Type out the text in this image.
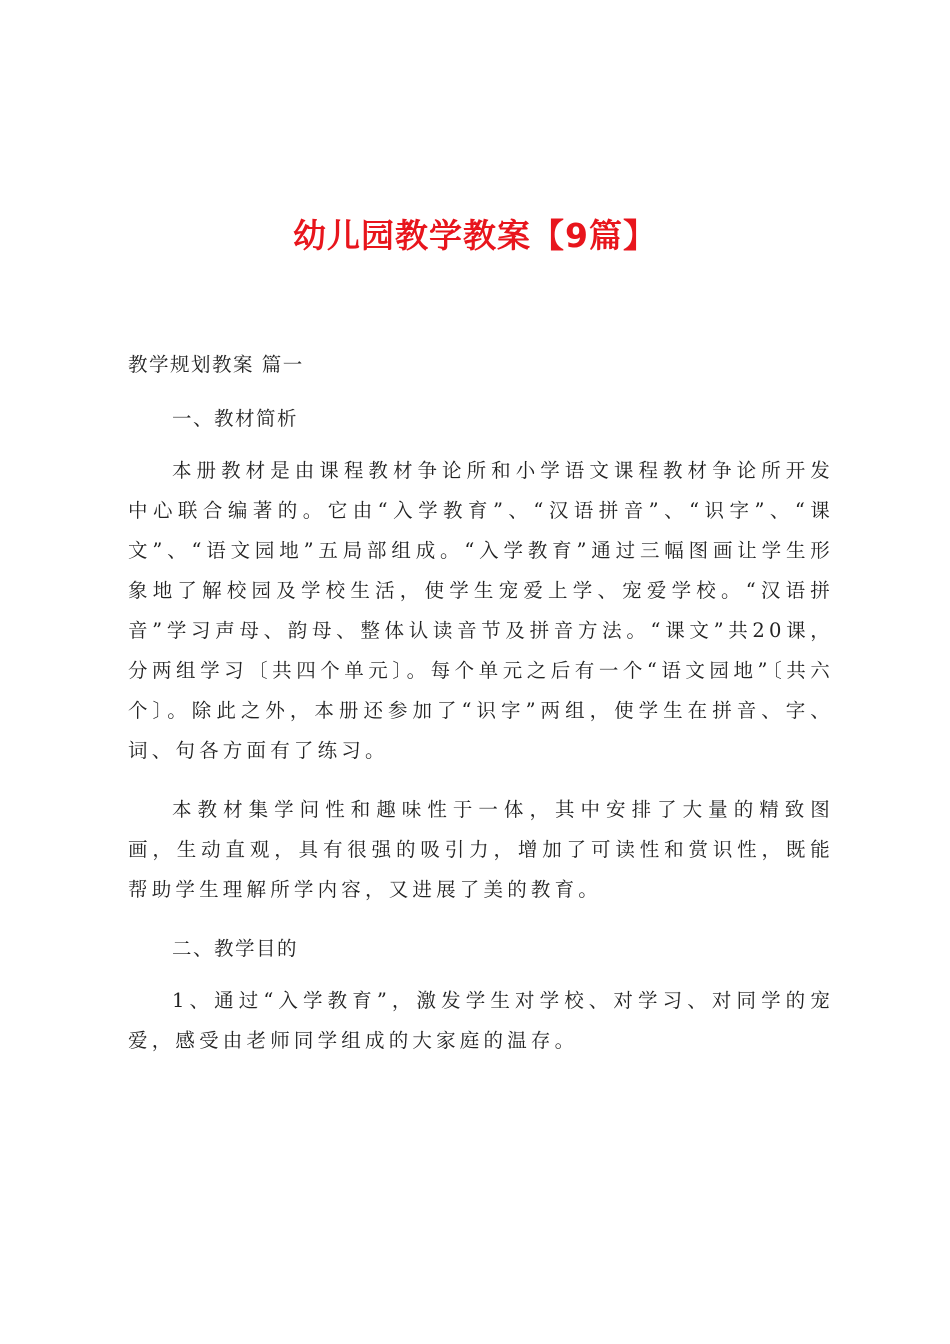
幼儿园教学教案【9篇】

教学规划教案 篇一

一、教材简析

本册教材是由课程教材争论所和小学语文课程教材争论所开发中心联合编著的。它由“入学教育”、“汉语拼音”、“识字”、“课文”、“语文园地”五局部组成。“入学教育”通过三幅图画让学生形象地了解校园及学校生活，使学生宠爱上学、宠爱学校。“汉语拼音”学习声母、韵母、整体认读音节及拼音方法。“课文”共20课，分两组学习〔共四个单元〕。每个单元之后有一个“语文园地”〔共六个〕。除此之外，本册还参加了“识字”两组，使学生在拼音、字、词、句各方面有了练习。

本教材集学问性和趣味性于一体，其中安排了大量的精致图画，生动直观，具有很强的吸引力，增加了可读性和赏识性，既能帮助学生理解所学内容，又进展了美的教育。

二、教学目的

1、通过“入学教育”，激发学生对学校、对学习、对同学的宠爱，感受由老师同学组成的大家庭的温存。
